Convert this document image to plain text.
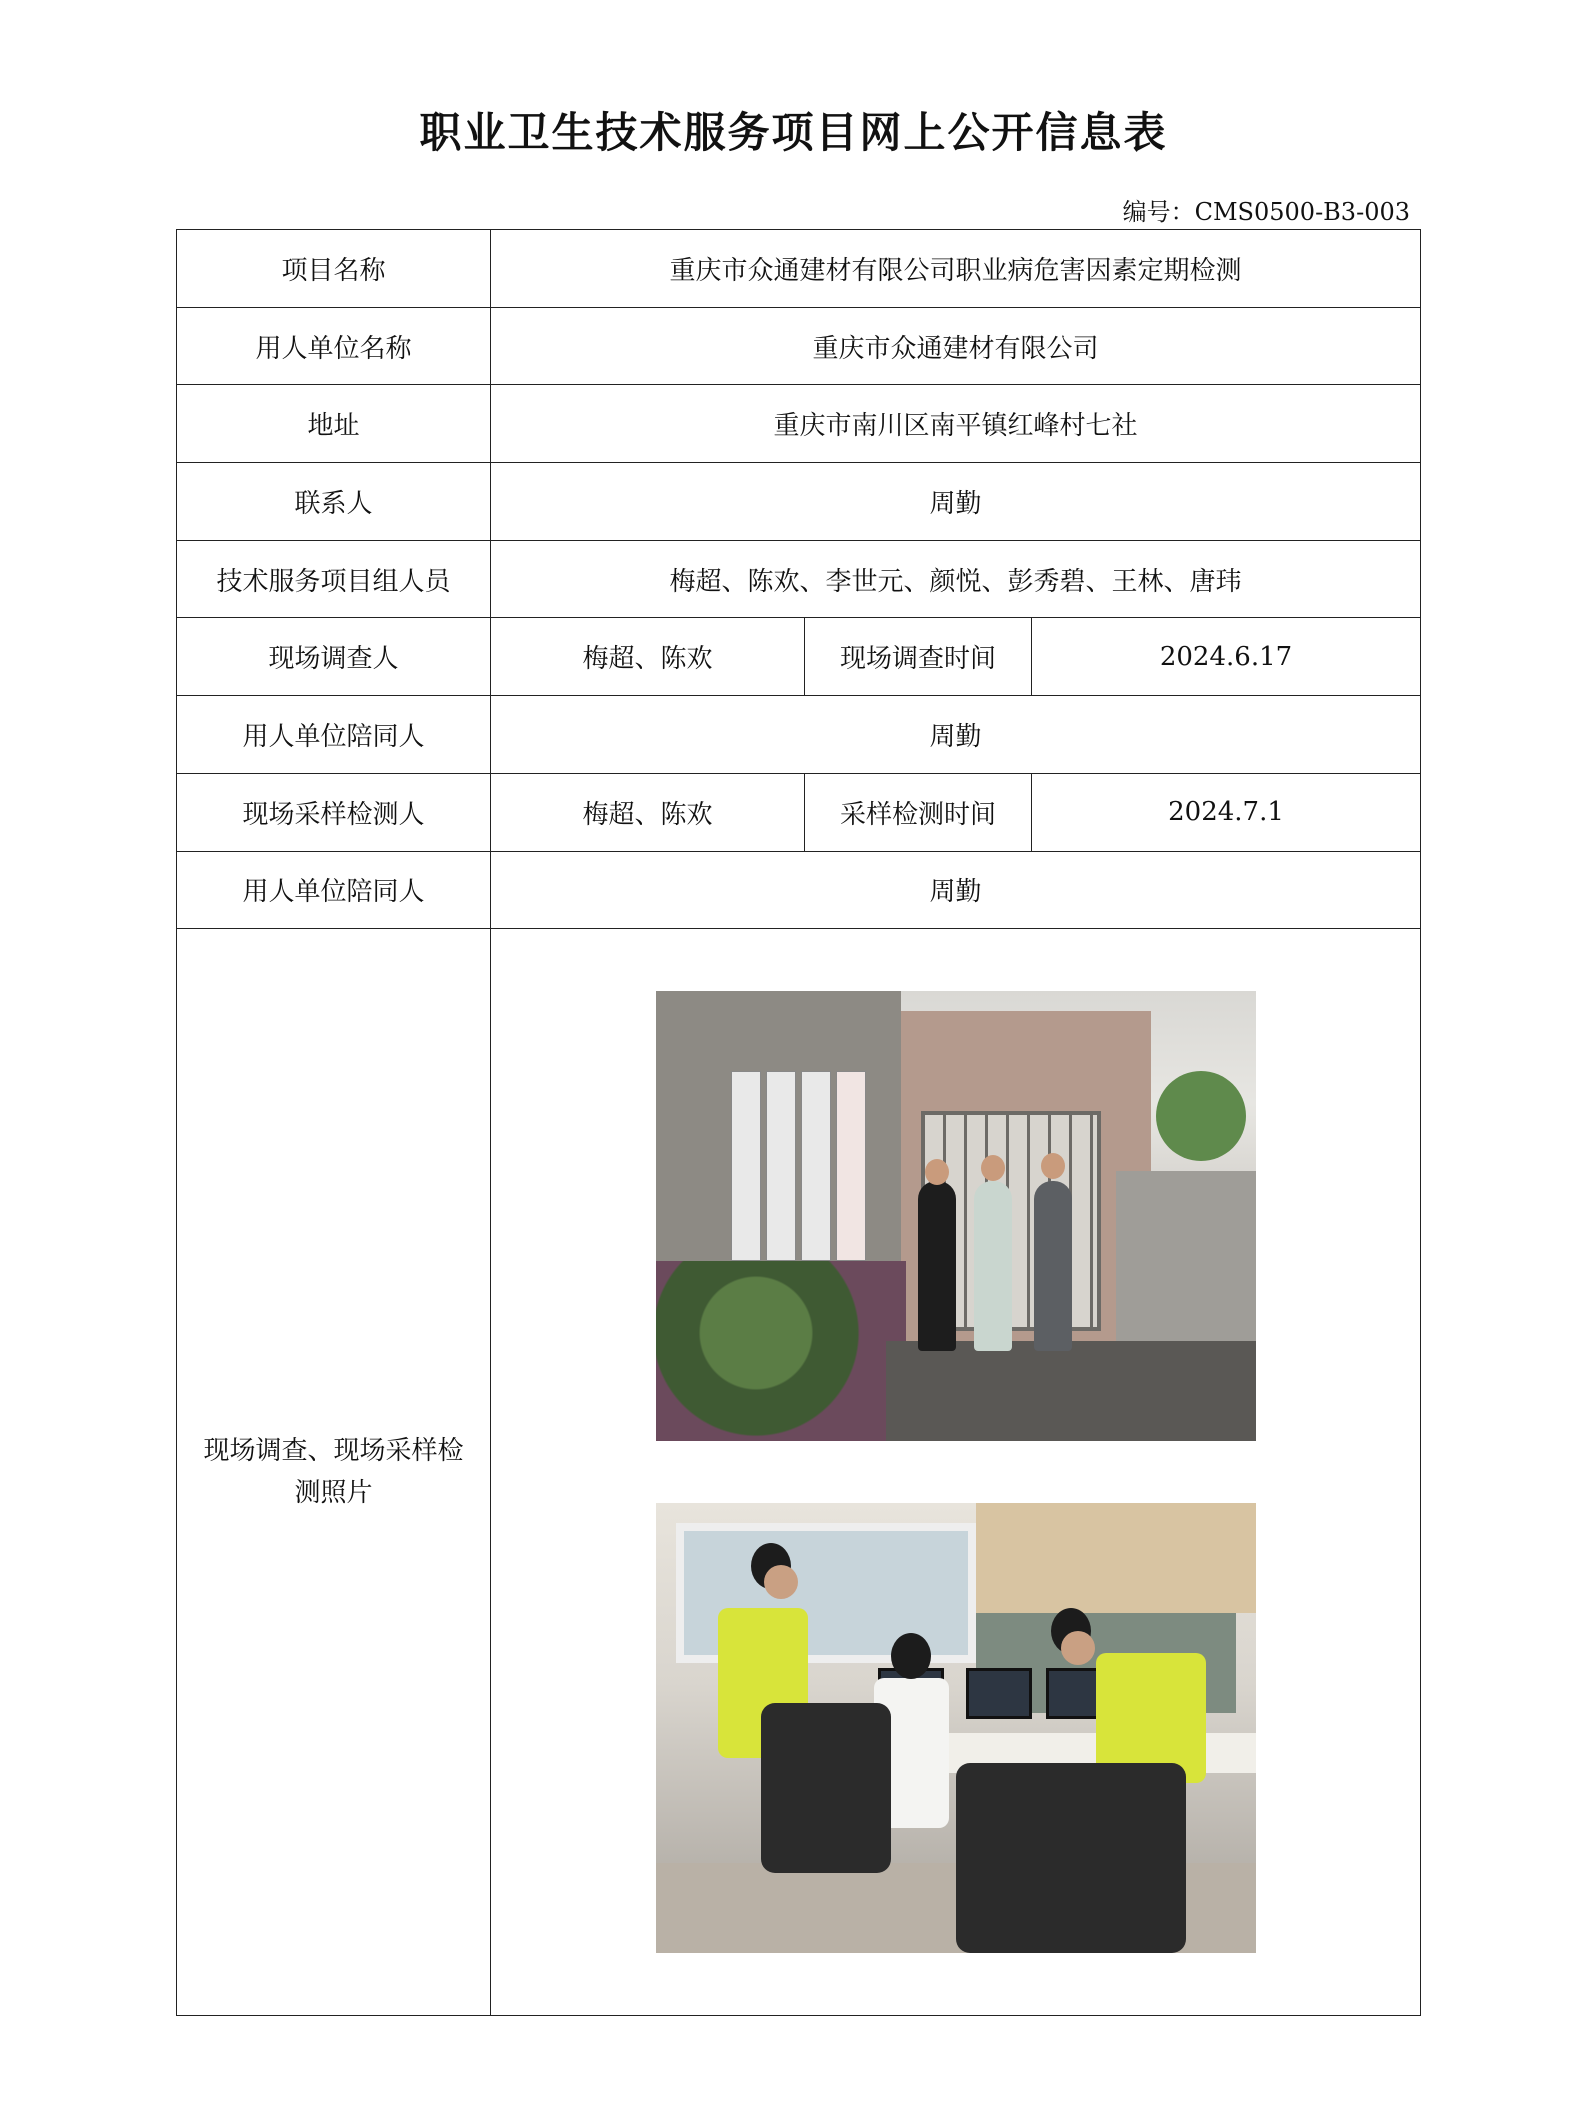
职业卫生技术服务项目网上公开信息表
编号：CMS0500-B3-003
项目名称	重庆市众通建材有限公司职业病危害因素定期检测		
用人单位名称	重庆市众通建材有限公司		
地址	重庆市南川区南平镇红峰村七社		
联系人	周勤		
技术服务项目组人员	梅超、陈欢、李世元、颜悦、彭秀碧、王林、唐玮		
现场调查人	梅超、陈欢	现场调查时间	2024.6.17
用人单位陪同人	周勤		
现场采样检测人	梅超、陈欢	采样检测时间	2024.7.1
用人单位陪同人	周勤		
现场调查、现场采样检测照片			
